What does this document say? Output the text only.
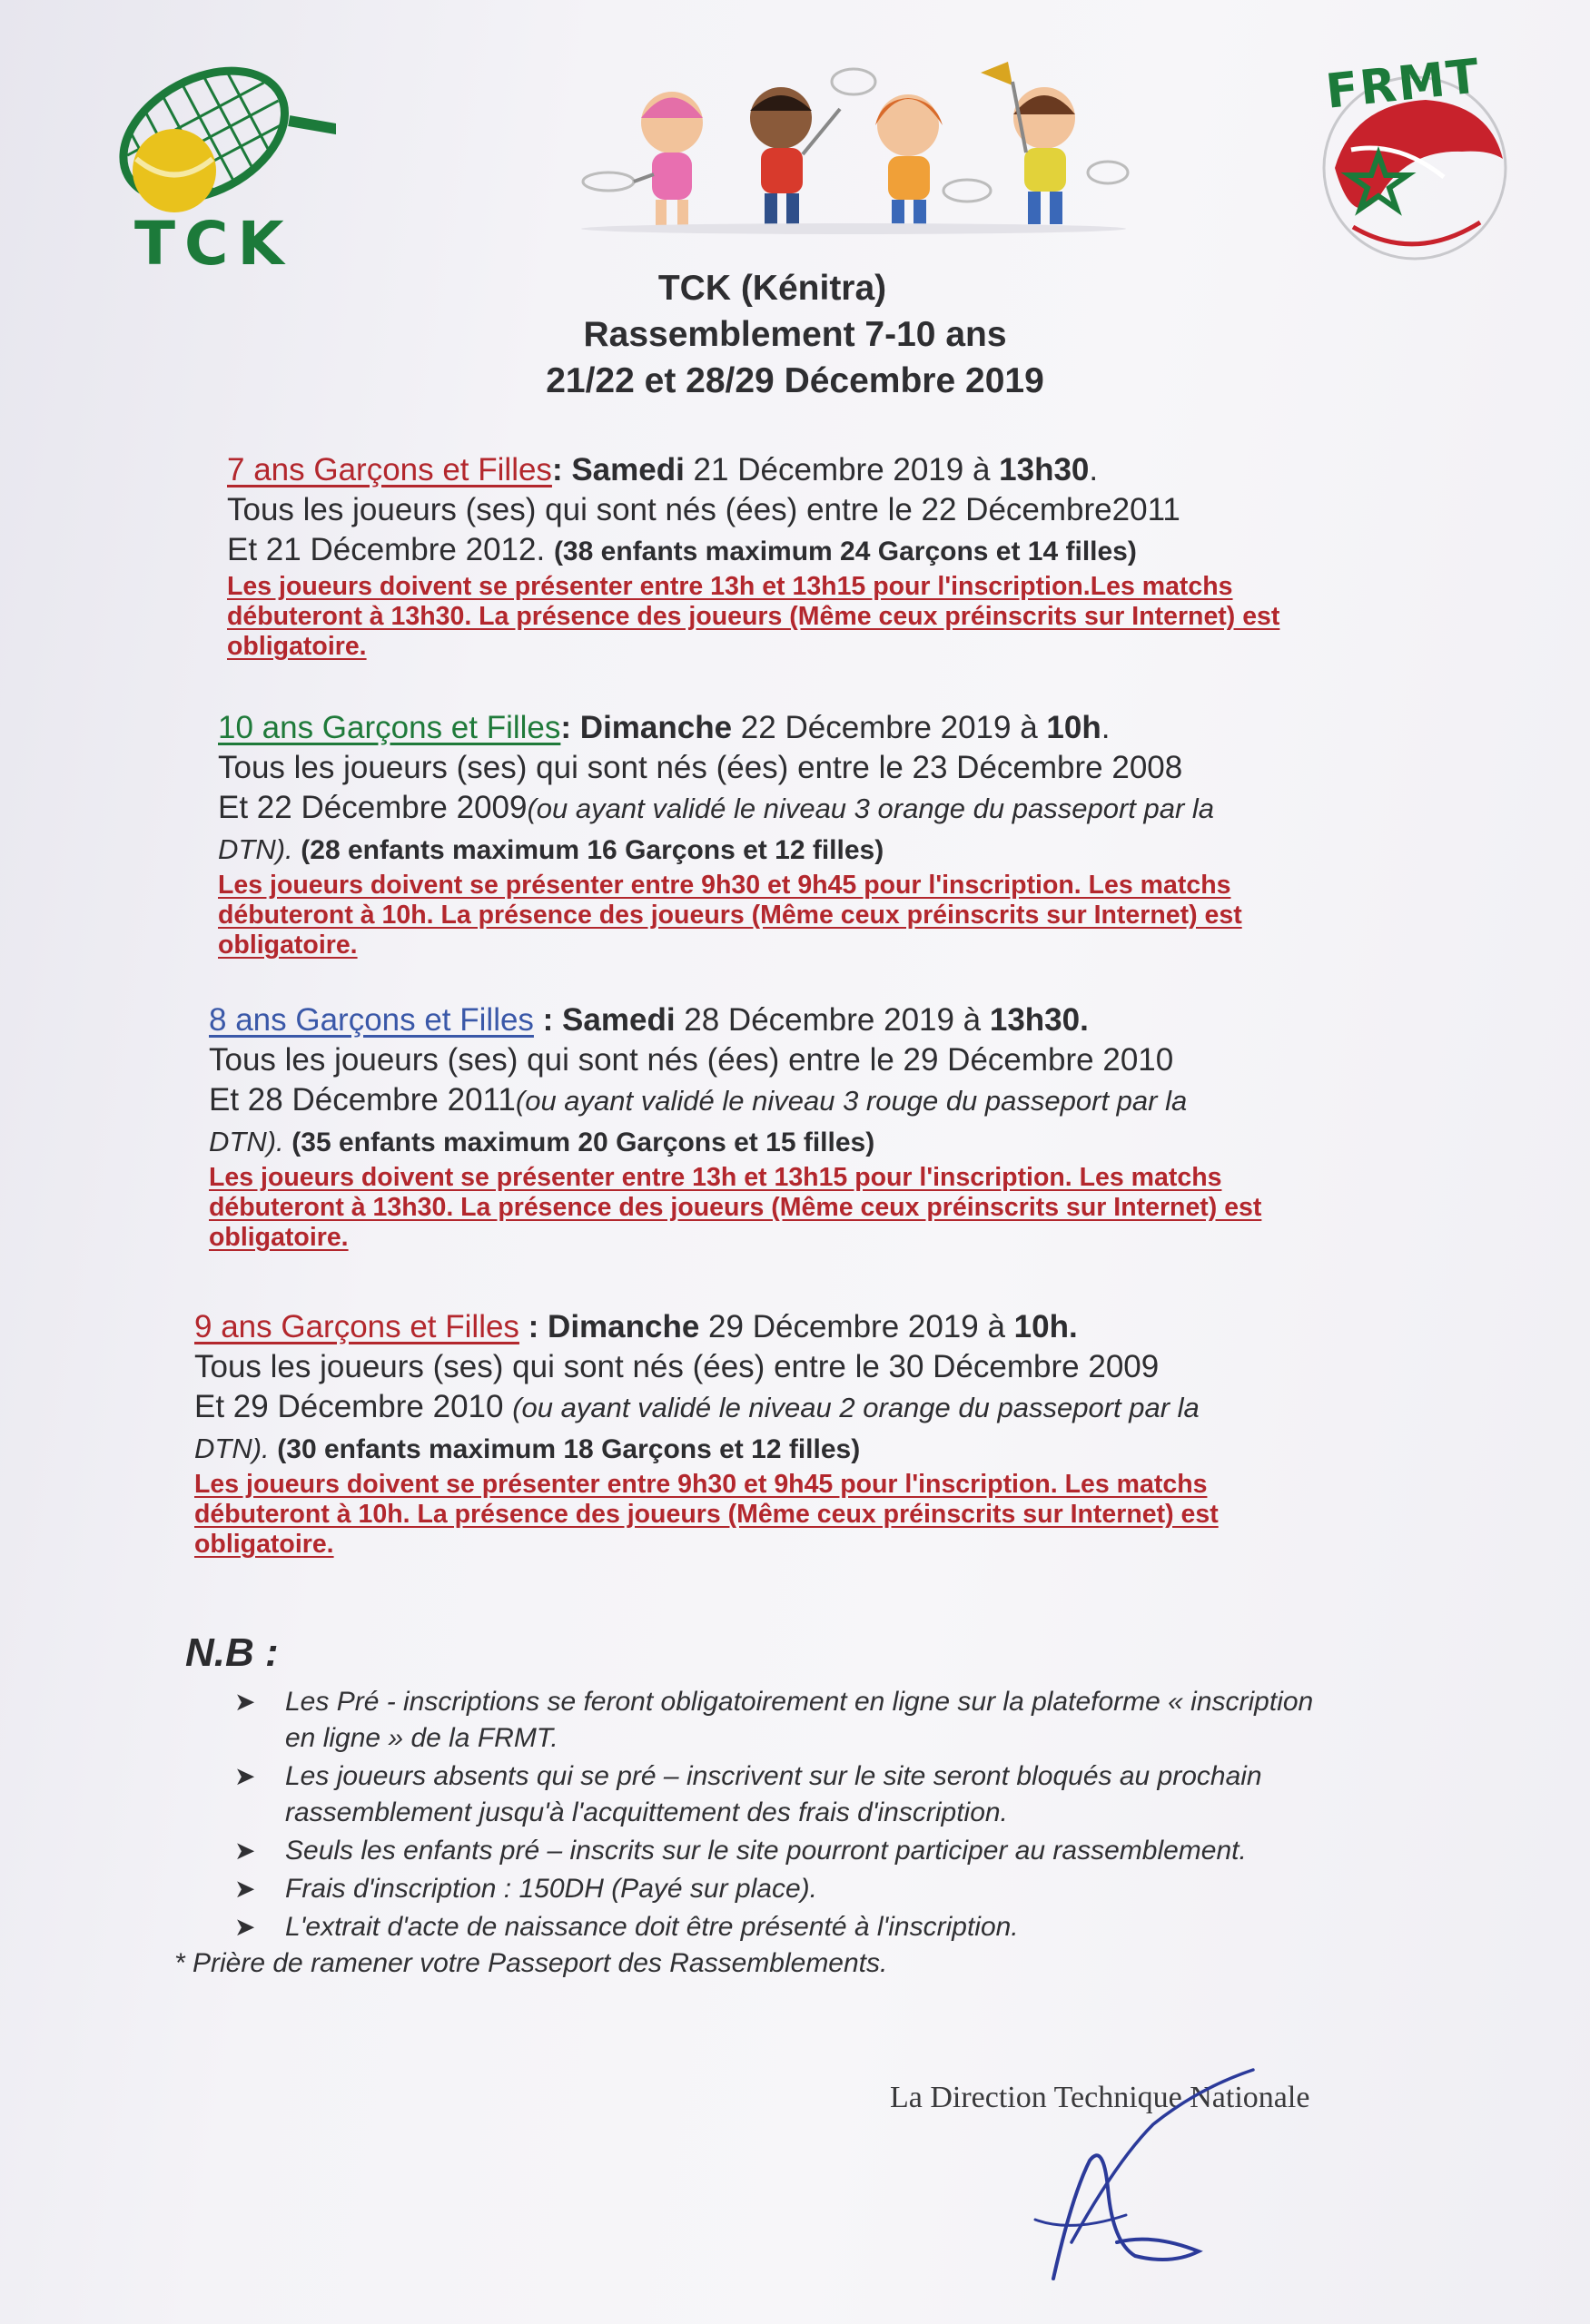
TCK
FRMT
TCK (Kénitra)
Rassemblement 7-10 ans
21/22 et 28/29 Décembre 2019
7 ans Garçons et Filles: Samedi 21 Décembre 2019 à 13h30.
Tous les joueurs (ses) qui sont nés (ées) entre le 22 Décembre2011
Et 21 Décembre 2012. (38 enfants maximum 24 Garçons et 14 filles)
Les joueurs doivent se présenter entre 13h et 13h15 pour l'inscription.Les matchs
débuteront à 13h30. La présence des joueurs (Même ceux préinscrits sur Internet) est
obligatoire.
10 ans Garçons et Filles: Dimanche 22 Décembre 2019 à 10h.
Tous les joueurs (ses) qui sont nés (ées) entre le 23 Décembre 2008
Et 22 Décembre 2009(ou ayant validé le niveau 3 orange du passeport par la
DTN). (28 enfants maximum 16 Garçons et 12 filles)
Les joueurs doivent se présenter entre 9h30 et 9h45 pour l'inscription. Les matchs
débuteront à 10h. La présence des joueurs (Même ceux préinscrits sur Internet) est
obligatoire.
8 ans Garçons et Filles : Samedi 28 Décembre 2019 à 13h30.
Tous les joueurs (ses) qui sont nés (ées) entre le 29 Décembre 2010
Et 28 Décembre 2011(ou ayant validé le niveau 3 rouge du passeport par la
DTN). (35 enfants maximum 20 Garçons et 15 filles)
Les joueurs doivent se présenter entre 13h et 13h15 pour l'inscription. Les matchs
débuteront à 13h30. La présence des joueurs (Même ceux préinscrits sur Internet) est
obligatoire.
9 ans Garçons et Filles : Dimanche 29 Décembre 2019 à 10h.
Tous les joueurs (ses) qui sont nés (ées) entre le 30 Décembre 2009
Et 29 Décembre 2010 (ou ayant validé le niveau 2 orange du passeport par la
DTN). (30 enfants maximum 18 Garçons et 12 filles)
Les joueurs doivent se présenter entre 9h30 et 9h45 pour l'inscription. Les matchs
débuteront à 10h. La présence des joueurs (Même ceux préinscrits sur Internet) est
obligatoire.
N.B :
➤ Les Pré - inscriptions se feront obligatoirement en ligne sur la plateforme « inscription
en ligne » de la FRMT.
➤ Les joueurs absents qui se pré – inscrivent sur le site seront bloqués au prochain
rassemblement jusqu'à l'acquittement des frais d'inscription.
➤ Seuls les enfants pré – inscrits sur le site pourront participer au rassemblement.
➤ Frais d'inscription : 150DH (Payé sur place).
➤ L'extrait d'acte de naissance doit être présenté à l'inscription.
* Prière de ramener votre Passeport des Rassemblements.
La Direction Technique Nationale
